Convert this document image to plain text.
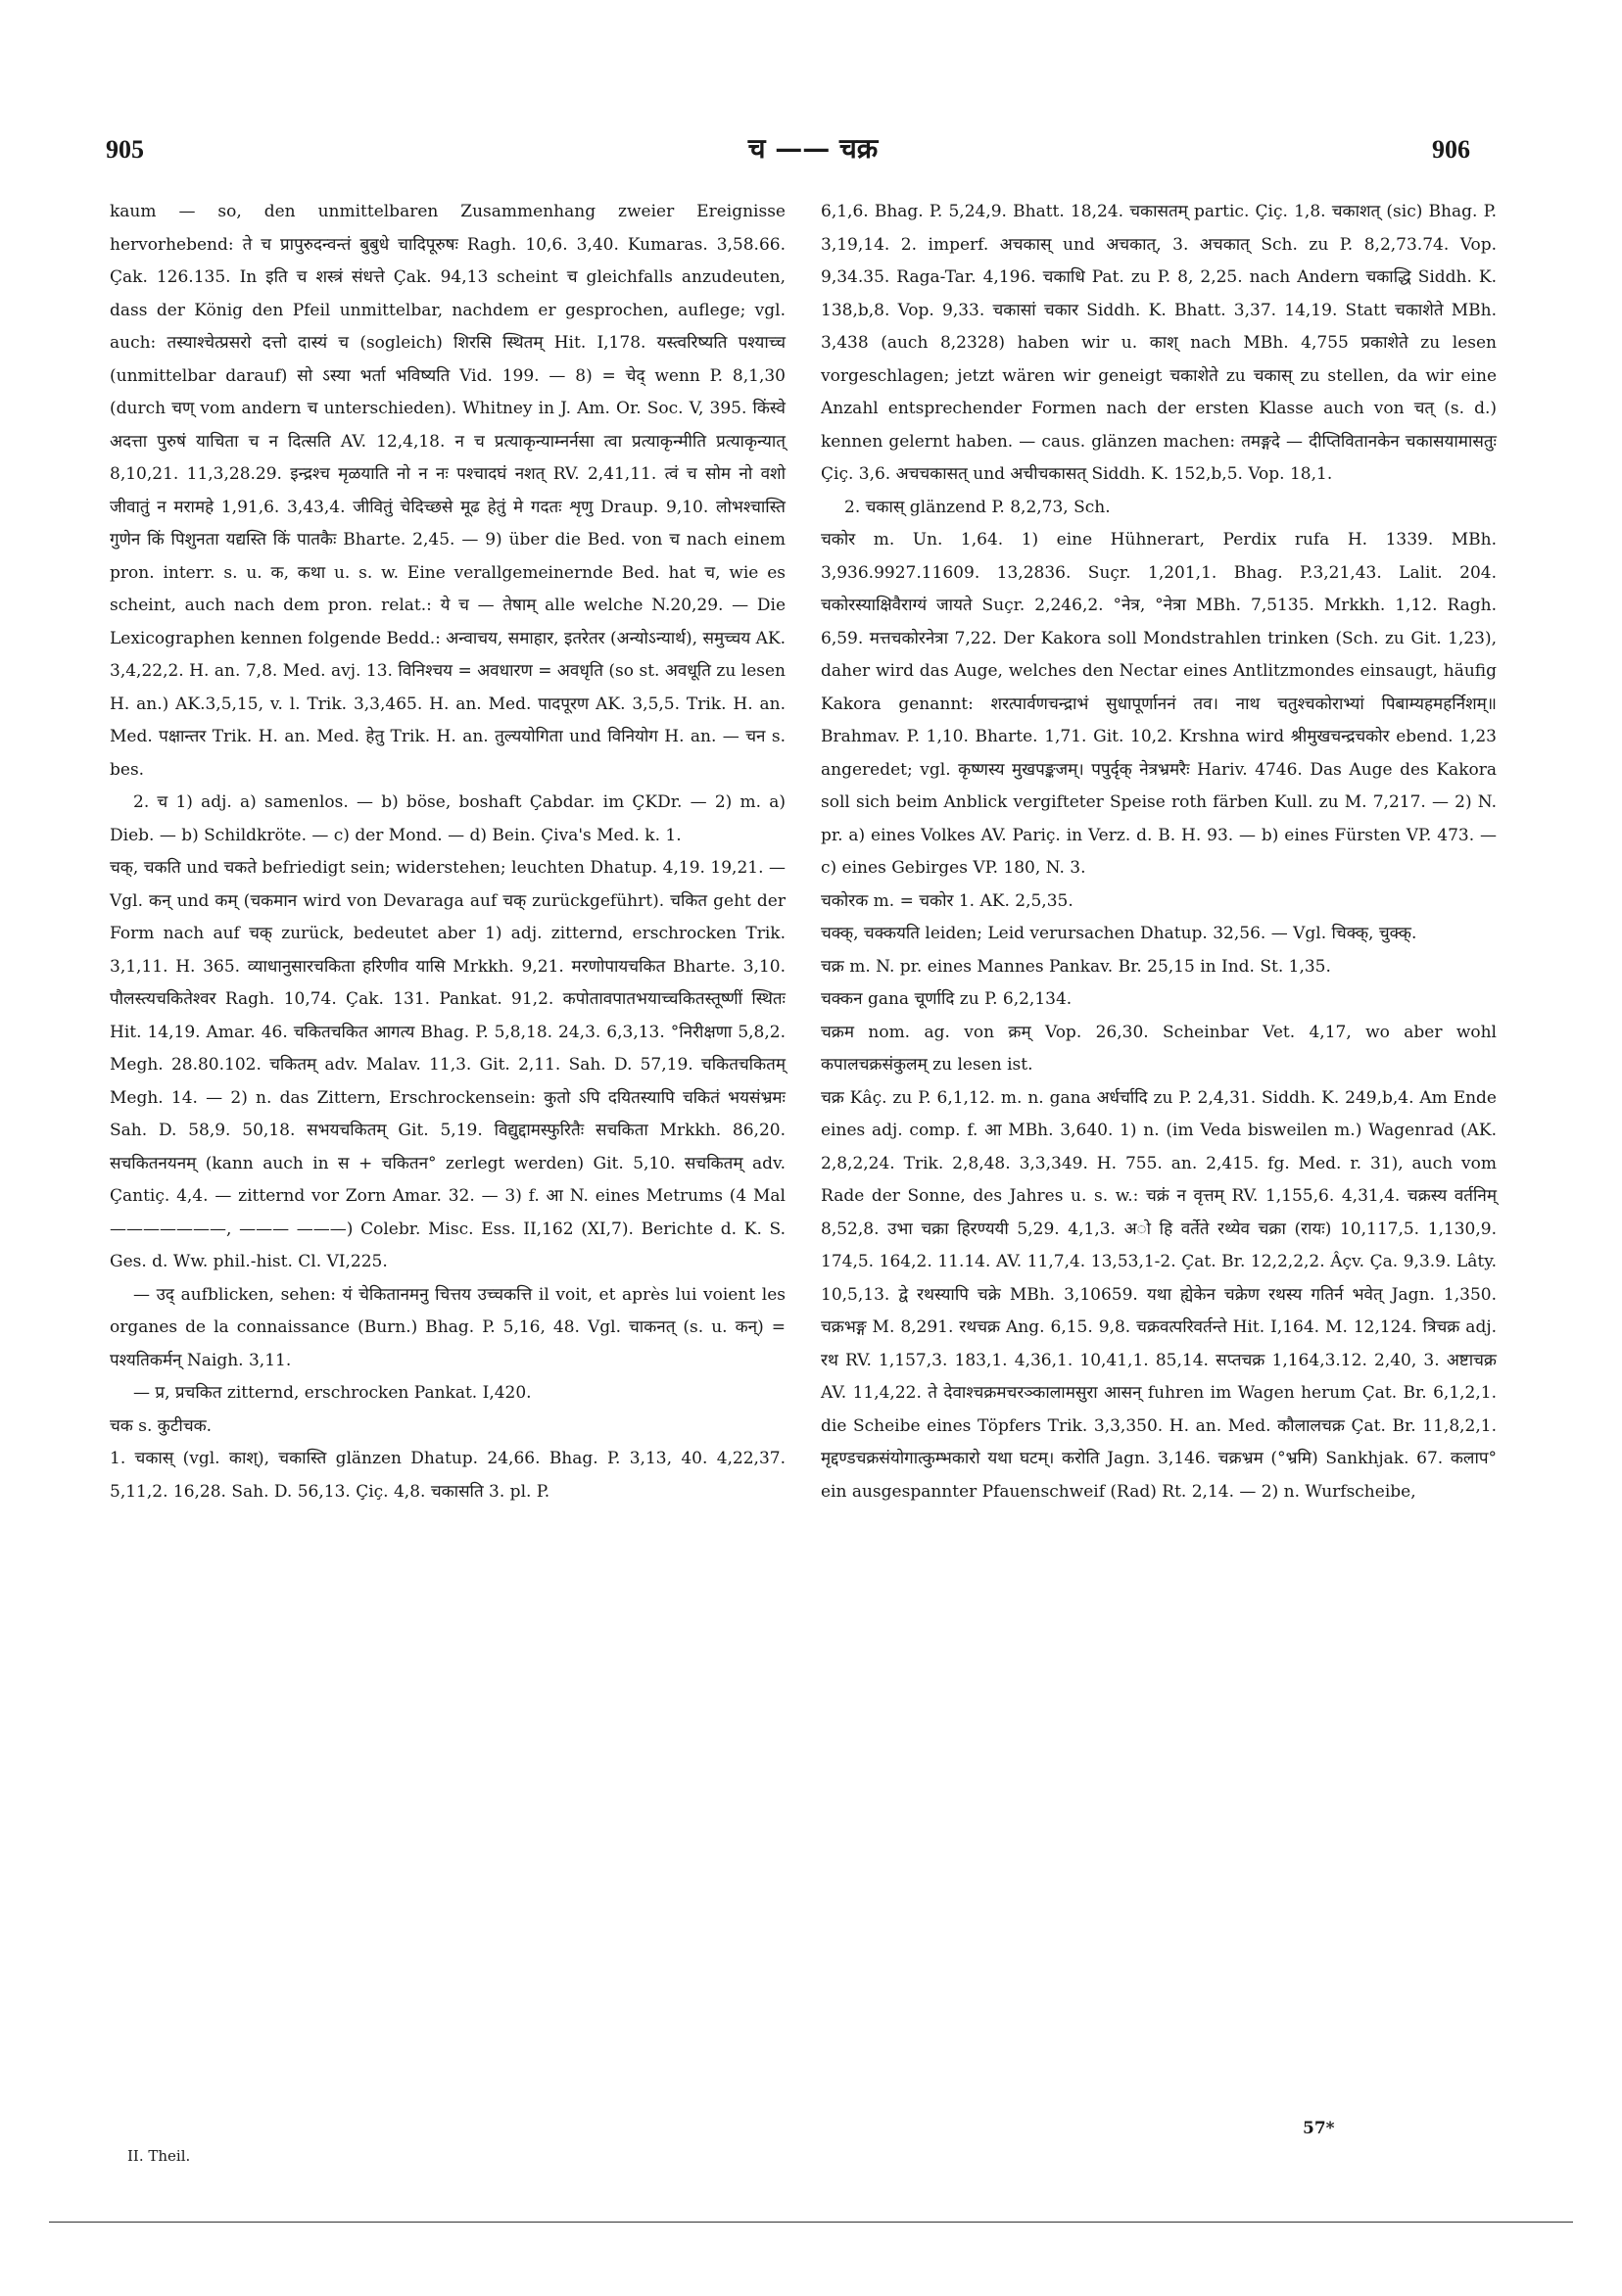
905	च —— चक्र	906

kaum — so, den unmittelbaren Zusammenhang zweier Ereignisse hervorhebend: ते च प्रापुरुदन्वन्तं बुबुधे चादिपूरुषः Ragh. 10,6. 3,40. Kumaras. 3,58.66. Çak. 126.135. In इति च शस्त्रं संधत्ते Çak. 94,13 scheint च gleichfalls anzudeuten, dass der König den Pfeil unmittelbar, nachdem er gesprochen, auflege; vgl. auch: तस्याश्चेत्प्रसरो दत्तो दास्यं च (sogleich) शिरसि स्थितम् Hit. I,178. यस्त्वरिष्यति पश्याच्च (unmittelbar darauf) सो ऽस्या भर्ता भविष्यति Vid. 199. — 8) = चेद् wenn P. 8,1,30 (durch चण् vom andern च unterschieden). Whitney in J. Am. Or. Soc. V, 395. किंस्वे अदत्ता पुरुषं याचिता च न दित्सति AV. 12,4,18. न च प्रत्याकृन्याम्नर्नसा त्वा प्रत्याकृन्मीति प्रत्याकृन्यात् 8,10,21. 11,3,28.29. इन्द्रश्च मृळयाति नो न नः पश्चादघं नशत् RV. 2,41,11. त्वं च सोम नो वशो जीवातुं न मरामहे 1,91,6. 3,43,4. जीवितुं चेदिच्छसे मूढ हेतुं मे गदतः शृणु Draup. 9,10. लोभश्चास्ति गुणेन किं पिशुनता यद्यस्ति किं पातकैः Bharte. 2,45. — 9) über die Bed. von च nach einem pron. interr. s. u. क, कथा u. s. w. Eine verallgemeinernde Bed. hat च, wie es scheint, auch nach dem pron. relat.: ये च — तेषाम् alle welche N.20,29. — Die Lexicographen kennen folgende Bedd.: अन्वाचय, समाहार, इतरेतर (अन्योऽन्यार्थ), समुच्चय AK. 3,4,22,2. H. an. 7,8. Med. avj. 13. विनिश्चय = अवधारण = अवधृति (so st. अवधूति zu lesen H. an.) AK.3,5,15, v. l. Trik. 3,3,465. H. an. Med. पादपूरण AK. 3,5,5. Trik. H. an. Med. पक्षान्तर Trik. H. an. Med. हेतु Trik. H. an. तुल्ययोगिता und विनियोग H. an. — चन s. bes.

2. च 1) adj. a) samenlos. — b) böse, boshaft Çabdar. im ÇKDr. — 2) m. a) Dieb. — b) Schildkröte. — c) der Mond. — d) Bein. Çiva's Med. k. 1.

चक्, चकति und चकते befriedigt sein; widerstehen; leuchten Dhatup. 4,19. 19,21. — Vgl. कन् und कम् (चकमान wird von Devaraga auf चक् zurückgeführt). चकित geht der Form nach auf चक् zurück, bedeutet aber 1) adj. zitternd, erschrocken Trik. 3,1,11. H. 365. व्याधानुसारचकिता हरिणीव यासि Mrkkh. 9,21. मरणोपायचकित Bharte. 3,10. पौलस्त्यचकितेश्वर Ragh. 10,74. Çak. 131. Pankat. 91,2. कपोतावपातभयाच्चकितस्तूष्णीं स्थितः Hit. 14,19. Amar. 46. चकितचकित आगत्य Bhag. P. 5,8,18. 24,3. 6,3,13. °निरीक्षणा 5,8,2. Megh. 28.80.102. चकितम् adv. Malav. 11,3. Git. 2,11. Sah. D. 57,19. चकितचकितम् Megh. 14. — 2) n. das Zittern, Erschrockensein: कुतो ऽपि दयितस्यापि चकितं भयसंभ्रमः Sah. D. 58,9. 50,18. सभयचकितम् Git. 5,19. विद्युद्दामस्फुरितैः सचकिता Mrkkh. 86,20. सचकितनयनम् (kann auch in स + चकितन° zerlegt werden) Git. 5,10. सचकितम् adv. Çantiç. 4,4. — zitternd vor Zorn Amar. 32. — 3) f. आ N. eines Metrums (4 Mal ———————, ——— ———) Colebr. Misc. Ess. II,162 (XI,7). Berichte d. K. S. Ges. d. Ww. phil.-hist. Cl. VI,225.

— उद् aufblicken, sehen: यं चेकितानमनु चित्तय उच्चकत्ति il voit, et après lui voient les organes de la connaissance (Burn.) Bhag. P. 5,16, 48. Vgl. चाकनत् (s. u. कन्) = पश्यतिकर्मन् Naigh. 3,11.

— प्र, प्रचकित zitternd, erschrocken Pankat. I,420.

चक s. कुटीचक.

1. चकास् (vgl. काश्), चकास्ति glänzen Dhatup. 24,66. Bhag. P. 3,13, 40. 4,22,37. 5,11,2. 16,28. Sah. D. 56,13. Çiç. 4,8. चकासति 3. pl. P.

6,1,6. Bhag. P. 5,24,9. Bhatt. 18,24. चकासतम् partic. Çiç. 1,8. चकाशत् (sic) Bhag. P. 3,19,14. 2. imperf. अचकास् und अचकात्, 3. अचकात् Sch. zu P. 8,2,73.74. Vop. 9,34.35. Raga-Tar. 4,196. चकाधि Pat. zu P. 8, 2,25. nach Andern चकाद्धि Siddh. K. 138,b,8. Vop. 9,33. चकासां चकार Siddh. K. Bhatt. 3,37. 14,19. Statt चकाशेते MBh. 3,438 (auch 8,2328) haben wir u. काश् nach MBh. 4,755 प्रकाशेते zu lesen vorgeschlagen; jetzt wären wir geneigt चकाशेते zu चकास् zu stellen, da wir eine Anzahl entsprechender Formen nach der ersten Klasse auch von चत् (s. d.) kennen gelernt haben. — caus. glänzen machen: तमङ्गदे — दीप्तिवितानकेन चकासयामासतुः Çiç. 3,6. अचचकासत् und अचीचकासत् Siddh. K. 152,b,5. Vop. 18,1.

2. चकास् glänzend P. 8,2,73, Sch.

चकोर m. Un. 1,64. 1) eine Hühnerart, Perdix rufa H. 1339. MBh. 3,936.9927.11609. 13,2836. Suçr. 1,201,1. Bhag. P.3,21,43. Lalit. 204. चकोरस्याक्षिवैराग्यं जायते Suçr. 2,246,2. °नेत्र, °नेत्रा MBh. 7,5135. Mrkkh. 1,12. Ragh. 6,59. मत्तचकोरनेत्रा 7,22. Der Kakora soll Mondstrahlen trinken (Sch. zu Git. 1,23), daher wird das Auge, welches den Nectar eines Antlitzmondes einsaugt, häufig Kakora genannt: शरत्पार्वणचन्द्राभं सुधापूर्णाननं तव। नाथ चतुश्चकोराभ्यां पिबाम्यहमहर्निशम्॥ Brahmav. P. 1,10. Bharte. 1,71. Git. 10,2. Krshna wird श्रीमुखचन्द्रचकोर ebend. 1,23 angeredet; vgl. कृष्णस्य मुखपङ्कजम्। पपुर्दृक् नेत्रभ्रमरैः Hariv. 4746. Das Auge des Kakora soll sich beim Anblick vergifteter Speise roth färben Kull. zu M. 7,217. — 2) N. pr. a) eines Volkes AV. Pariç. in Verz. d. B. H. 93. — b) eines Fürsten VP. 473. — c) eines Gebirges VP. 180, N. 3.

चकोरक m. = चकोर 1. AK. 2,5,35.

चक्क्, चक्कयति leiden; Leid verursachen Dhatup. 32,56. — Vgl. चिक्क्, चुक्क्.

चक्र m. N. pr. eines Mannes Pankav. Br. 25,15 in Ind. St. 1,35.

चक्कन gana चूर्णादि zu P. 6,2,134.

चक्रम nom. ag. von क्रम् Vop. 26,30. Scheinbar Vet. 4,17, wo aber wohl कपालचक्रसंकुलम् zu lesen ist.

चक्र Kâç. zu P. 6,1,12. m. n. gana अर्धर्चादि zu P. 2,4,31. Siddh. K. 249,b,4. Am Ende eines adj. comp. f. आ MBh. 3,640. 1) n. (im Veda bisweilen m.) Wagenrad (AK. 2,8,2,24. Trik. 2,8,48. 3,3,349. H. 755. an. 2,415. fg. Med. r. 31), auch vom Rade der Sonne, des Jahres u. s. w.: चक्रं न वृत्तम् RV. 1,155,6. 4,31,4. चक्रस्य वर्तनिम् 8,52,8. उभा चक्रा हिरण्ययी 5,29. 4,1,3. अो हि वर्तेते रथ्येव चक्रा (रायः) 10,117,5. 1,130,9. 174,5. 164,2. 11.14. AV. 11,7,4. 13,53,1-2. Çat. Br. 12,2,2,2. Âçv. Ça. 9,3.9. Lâty. 10,5,13. द्वे रथस्यापि चक्रे MBh. 3,10659. यथा ह्येकेन चक्रेण रथस्य गतिर्न भवेत् Jagn. 1,350. चक्रभङ्ग M. 8,291. रथचक्र Ang. 6,15. 9,8. चक्रवत्परिवर्तन्ते Hit. I,164. M. 12,124. त्रिचक्र adj. रथ RV. 1,157,3. 183,1. 4,36,1. 10,41,1. 85,14. सप्तचक्र 1,164,3.12. 2,40, 3. अष्टाचक्र AV. 11,4,22. ते देवाश्चक्रमचरञ्कालामसुरा आसन् fuhren im Wagen herum Çat. Br. 6,1,2,1. die Scheibe eines Töpfers Trik. 3,3,350. H. an. Med. कौलालचक्र Çat. Br. 11,8,2,1. मृद्दण्डचक्रसंयोगात्कुम्भकारो यथा घटम्। करोति Jagn. 3,146. चक्रभ्रम (°भ्रमि) Sankhjak. 67. कलाप° ein ausgespannter Pfauenschweif (Rad) Rt. 2,14. — 2) n. Wurfscheibe,

II. Theil.
57*
